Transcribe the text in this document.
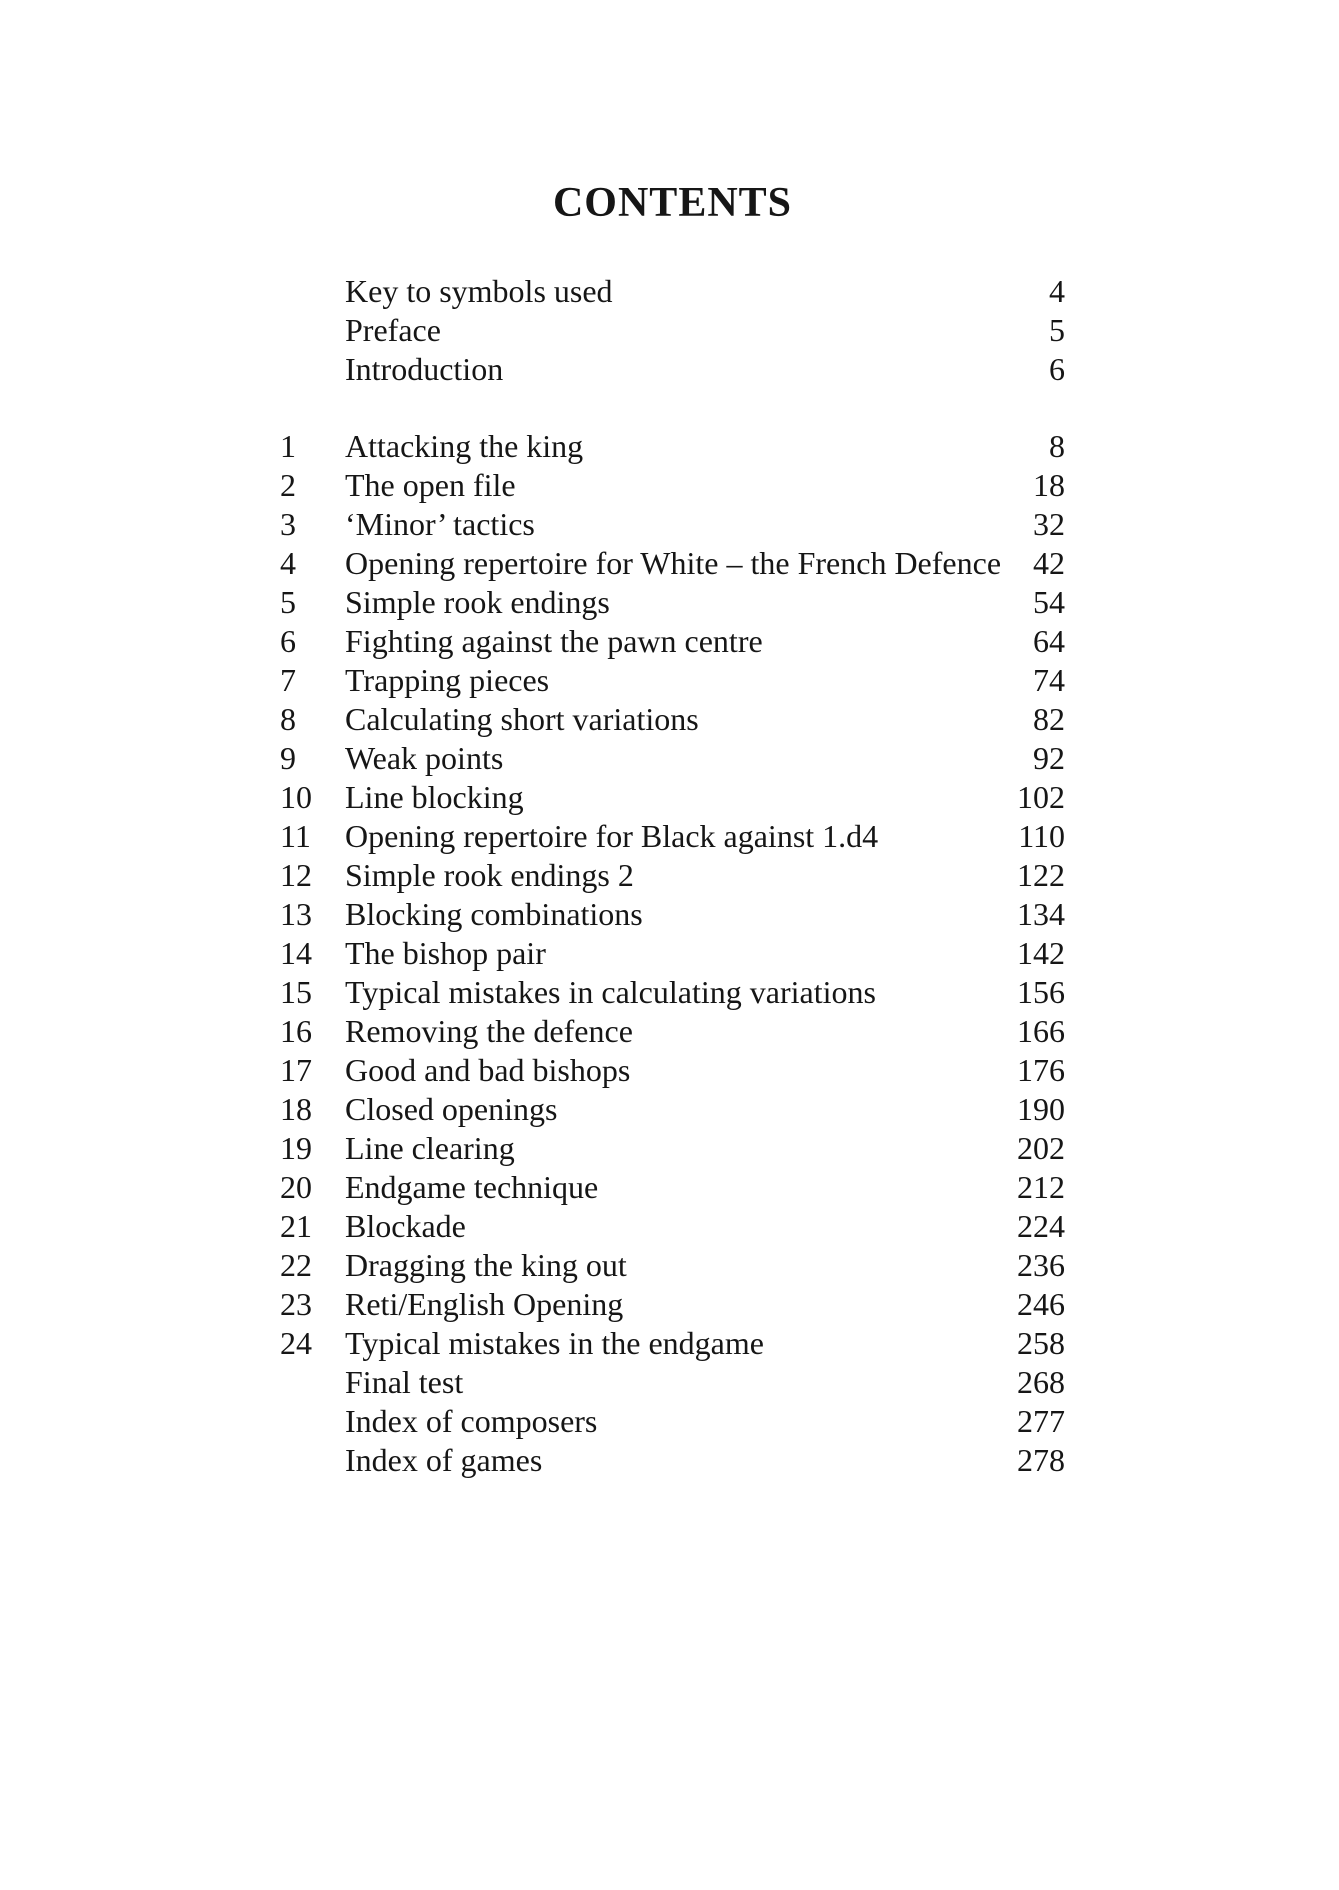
CONTENTS
Key to symbols used	4
Preface	5
Introduction	6
1	Attacking the king	8
2	The open file	18
3	‘Minor’ tactics	32
4	Opening repertoire for White – the French Defence 42
5	Simple rook endings	54
6	Fighting against the pawn centre	64
7	Trapping pieces	74
8	Calculating short variations	82
9	Weak points	92
10	Line blocking	102
11	Opening repertoire for Black against 1.d4	110
12	Simple rook endings 2	122
13	Blocking combinations	134
14	The bishop pair	142
15	Typical mistakes in calculating variations	156
16	Removing the defence	166
17	Good and bad bishops	176
18	Closed openings	190
19	Line clearing	202
20	Endgame technique	212
21	Blockade	224
22	Dragging the king out	236
23	Reti/English Opening	246
24	Typical mistakes in the endgame	258
Final test	268
Index of composers	277
Index of games	278
